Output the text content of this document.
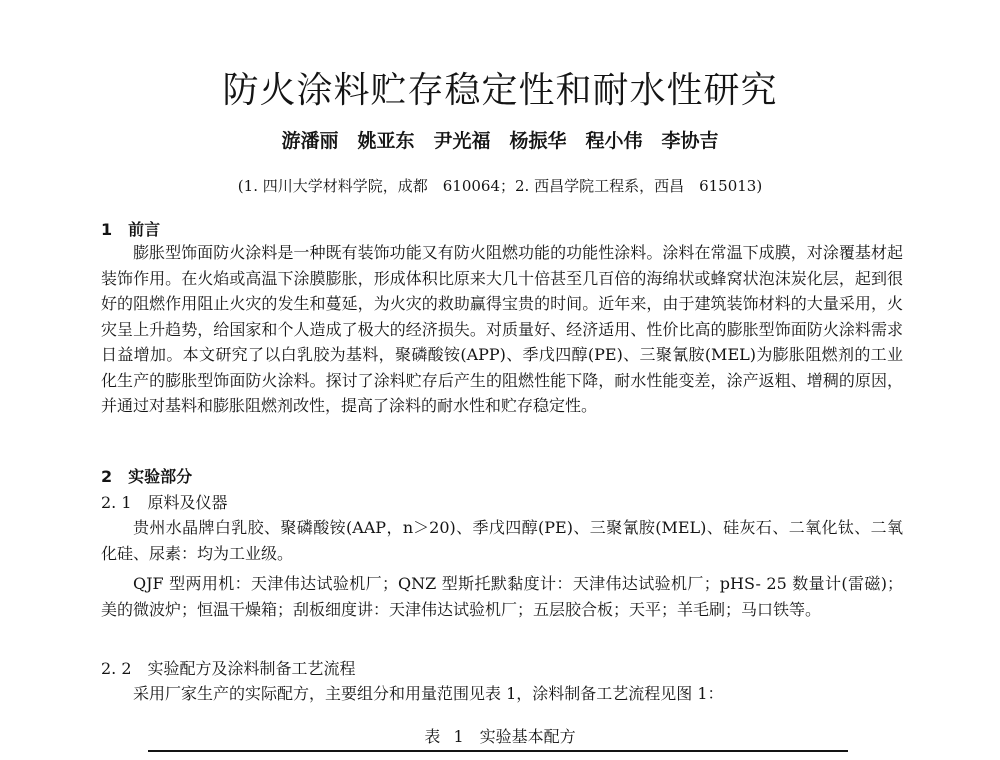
防火涂料贮存稳定性和耐水性研究
游潘丽　姚亚东　尹光福　杨振华　程小伟　李协吉
(1. 四川大学材料学院，成都　610064；2. 西昌学院工程系，西昌　615013)
1　前言

膨胀型饰面防火涂料是一种既有装饰功能又有防火阻燃功能的功能性涂料。涂料在常温下成膜，对涂覆基材起装饰作用。在火焰或高温下涂膜膨胀，形成体积比原来大几十倍甚至几百倍的海绵状或蜂窝状泡沫炭化层，起到很好的阻燃作用阻止火灾的发生和蔓延，为火灾的救助赢得宝贵的时间。近年来，由于建筑装饰材料的大量采用，火灾呈上升趋势，给国家和个人造成了极大的经济损失。对质量好、经济适用、性价比高的膨胀型饰面防火涂料需求日益增加。本文研究了以白乳胶为基料，聚磷酸铵(APP)、季戊四醇(PE)、三聚氰胺(MEL)为膨胀阻燃剂的工业化生产的膨胀型饰面防火涂料。探讨了涂料贮存后产生的阻燃性能下降，耐水性能变差，涂产返粗、增稠的原因，并通过对基料和膨胀阻燃剂改性，提高了涂料的耐水性和贮存稳定性。

2　实验部分
2. 1　原料及仪器

贵州水晶牌白乳胶、聚磷酸铵(AAP，n＞20)、季戊四醇(PE)、三聚氰胺(MEL)、硅灰石、二氧化钛、二氧化硅、尿素：均为工业级。

QJF 型两用机：天津伟达试验机厂；QNZ 型斯托默黏度计：天津伟达试验机厂；pHS- 25 数量计(雷磁)；美的微波炉；恒温干燥箱；刮板细度讲：天津伟达试验机厂；五层胶合板；天平；羊毛刷；马口铁等。

2. 2　实验配方及涂料制备工艺流程

采用厂家生产的实际配方，主要组分和用量范围见表 1，涂料制备工艺流程见图 1：

表 1　实验基本配方
